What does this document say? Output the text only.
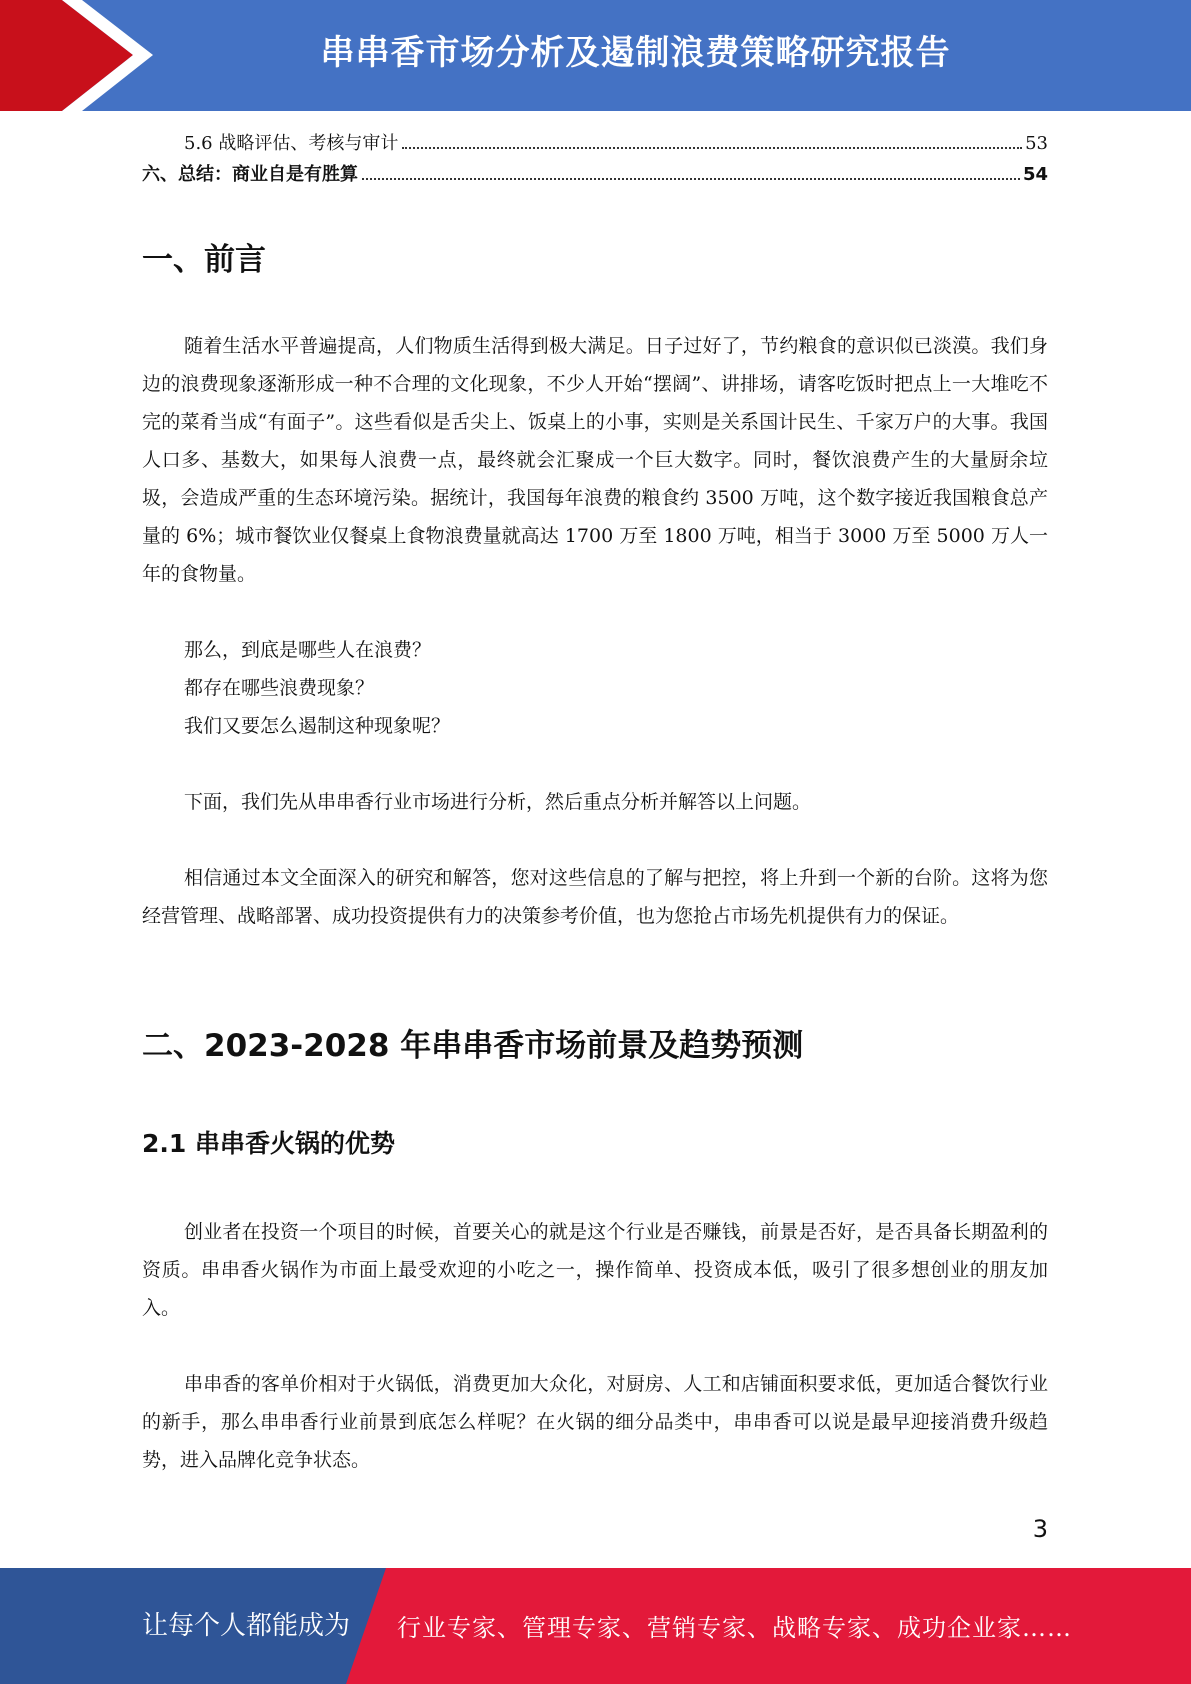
串串香市场分析及遏制浪费策略研究报告
5.6 战略评估、考核与审计	53
六、总结：商业自是有胜算	54
一、前言

随着生活水平普遍提高，人们物质生活得到极大满足。日子过好了，节约粮食的意识似已淡漠。我们身边的浪费现象逐渐形成一种不合理的文化现象，不少人开始“摆阔”、讲排场，请客吃饭时把点上一大堆吃不完的菜肴当成“有面子”。这些看似是舌尖上、饭桌上的小事，实则是关系国计民生、千家万户的大事。我国人口多、基数大，如果每人浪费一点，最终就会汇聚成一个巨大数字。同时，餐饮浪费产生的大量厨余垃圾，会造成严重的生态环境污染。据统计，我国每年浪费的粮食约 3500 万吨，这个数字接近我国粮食总产量的 6%；城市餐饮业仅餐桌上食物浪费量就高达 1700 万至 1800 万吨，相当于 3000 万至 5000 万人一年的食物量。

那么，到底是哪些人在浪费？

都存在哪些浪费现象？

我们又要怎么遏制这种现象呢？

下面，我们先从串串香行业市场进行分析，然后重点分析并解答以上问题。

相信通过本文全面深入的研究和解答，您对这些信息的了解与把控，将上升到一个新的台阶。这将为您经营管理、战略部署、成功投资提供有力的决策参考价值，也为您抢占市场先机提供有力的保证。

二、2023-2028 年串串香市场前景及趋势预测
2.1 串串香火锅的优势

创业者在投资一个项目的时候，首要关心的就是这个行业是否赚钱，前景是否好，是否具备长期盈利的资质。串串香火锅作为市面上最受欢迎的小吃之一，操作简单、投资成本低，吸引了很多想创业的朋友加入。

串串香的客单价相对于火锅低，消费更加大众化，对厨房、人工和店铺面积要求低，更加适合餐饮行业的新手，那么串串香行业前景到底怎么样呢？在火锅的细分品类中，串串香可以说是最早迎接消费升级趋势，进入品牌化竞争状态。

3
让每个人都能成为 行业专家、管理专家、营销专家、战略专家、成功企业家……
